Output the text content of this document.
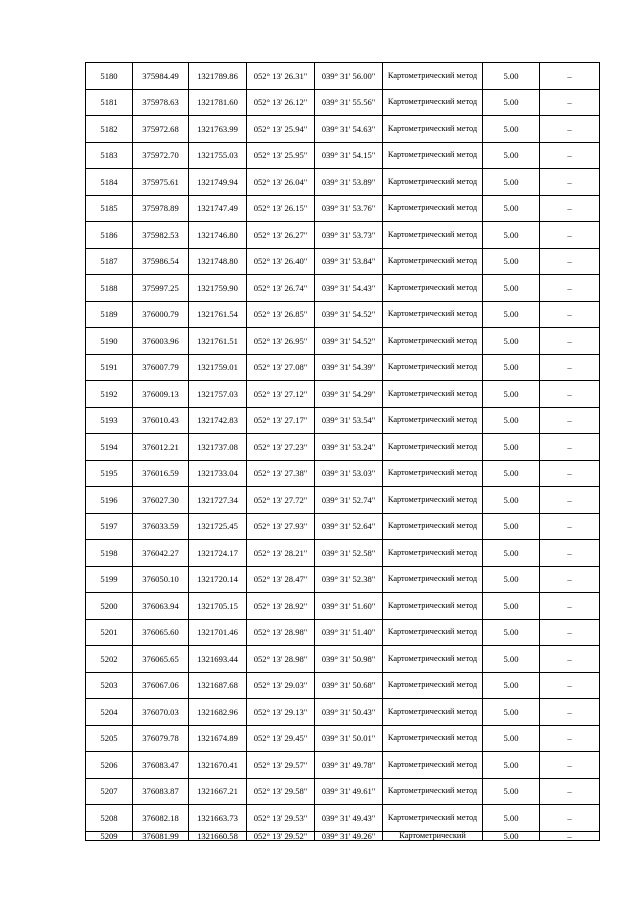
5180	375984.49	1321789.86	052° 13' 26.31"	039° 31' 56.00"	Картометрический метод	5.00	–
5181	375978.63	1321781.60	052° 13' 26.12"	039° 31' 55.56"	Картометрический метод	5.00	–
5182	375972.68	1321763.99	052° 13' 25.94"	039° 31' 54.63"	Картометрический метод	5.00	–
5183	375972.70	1321755.03	052° 13' 25.95"	039° 31' 54.15"	Картометрический метод	5.00	–
5184	375975.61	1321749.94	052° 13' 26.04"	039° 31' 53.89"	Картометрический метод	5.00	–
5185	375978.89	1321747.49	052° 13' 26.15"	039° 31' 53.76"	Картометрический метод	5.00	–
5186	375982.53	1321746.80	052° 13' 26.27"	039° 31' 53.73"	Картометрический метод	5.00	–
5187	375986.54	1321748.80	052° 13' 26.40"	039° 31' 53.84"	Картометрический метод	5.00	–
5188	375997.25	1321759.90	052° 13' 26.74"	039° 31' 54.43"	Картометрический метод	5.00	–
5189	376000.79	1321761.54	052° 13' 26.85"	039° 31' 54.52"	Картометрический метод	5.00	–
5190	376003.96	1321761.51	052° 13' 26.95"	039° 31' 54.52"	Картометрический метод	5.00	–
5191	376007.79	1321759.01	052° 13' 27.08"	039° 31' 54.39"	Картометрический метод	5.00	–
5192	376009.13	1321757.03	052° 13' 27.12"	039° 31' 54.29"	Картометрический метод	5.00	–
5193	376010.43	1321742.83	052° 13' 27.17"	039° 31' 53.54"	Картометрический метод	5.00	–
5194	376012.21	1321737.08	052° 13' 27.23"	039° 31' 53.24"	Картометрический метод	5.00	–
5195	376016.59	1321733.04	052° 13' 27.38"	039° 31' 53.03"	Картометрический метод	5.00	–
5196	376027.30	1321727.34	052° 13' 27.72"	039° 31' 52.74"	Картометрический метод	5.00	–
5197	376033.59	1321725.45	052° 13' 27.93"	039° 31' 52.64"	Картометрический метод	5.00	–
5198	376042.27	1321724.17	052° 13' 28.21"	039° 31' 52.58"	Картометрический метод	5.00	–
5199	376050.10	1321720.14	052° 13' 28.47"	039° 31' 52.38"	Картометрический метод	5.00	–
5200	376063.94	1321705.15	052° 13' 28.92"	039° 31' 51.60"	Картометрический метод	5.00	–
5201	376065.60	1321701.46	052° 13' 28.98"	039° 31' 51.40"	Картометрический метод	5.00	–
5202	376065.65	1321693.44	052° 13' 28.98"	039° 31' 50.98"	Картометрический метод	5.00	–
5203	376067.06	1321687.68	052° 13' 29.03"	039° 31' 50.68"	Картометрический метод	5.00	–
5204	376070.03	1321682.96	052° 13' 29.13"	039° 31' 50.43"	Картометрический метод	5.00	–
5205	376079.78	1321674.89	052° 13' 29.45"	039° 31' 50.01"	Картометрический метод	5.00	–
5206	376083.47	1321670.41	052° 13' 29.57"	039° 31' 49.78"	Картометрический метод	5.00	–
5207	376083.87	1321667.21	052° 13' 29.58"	039° 31' 49.61"	Картометрический метод	5.00	–
5208	376082.18	1321663.73	052° 13' 29.53"	039° 31' 49.43"	Картометрический метод	5.00	–
5209	376081.99	1321660.58	052° 13' 29.52"	039° 31' 49.26"	Картометрический	5.00	–
